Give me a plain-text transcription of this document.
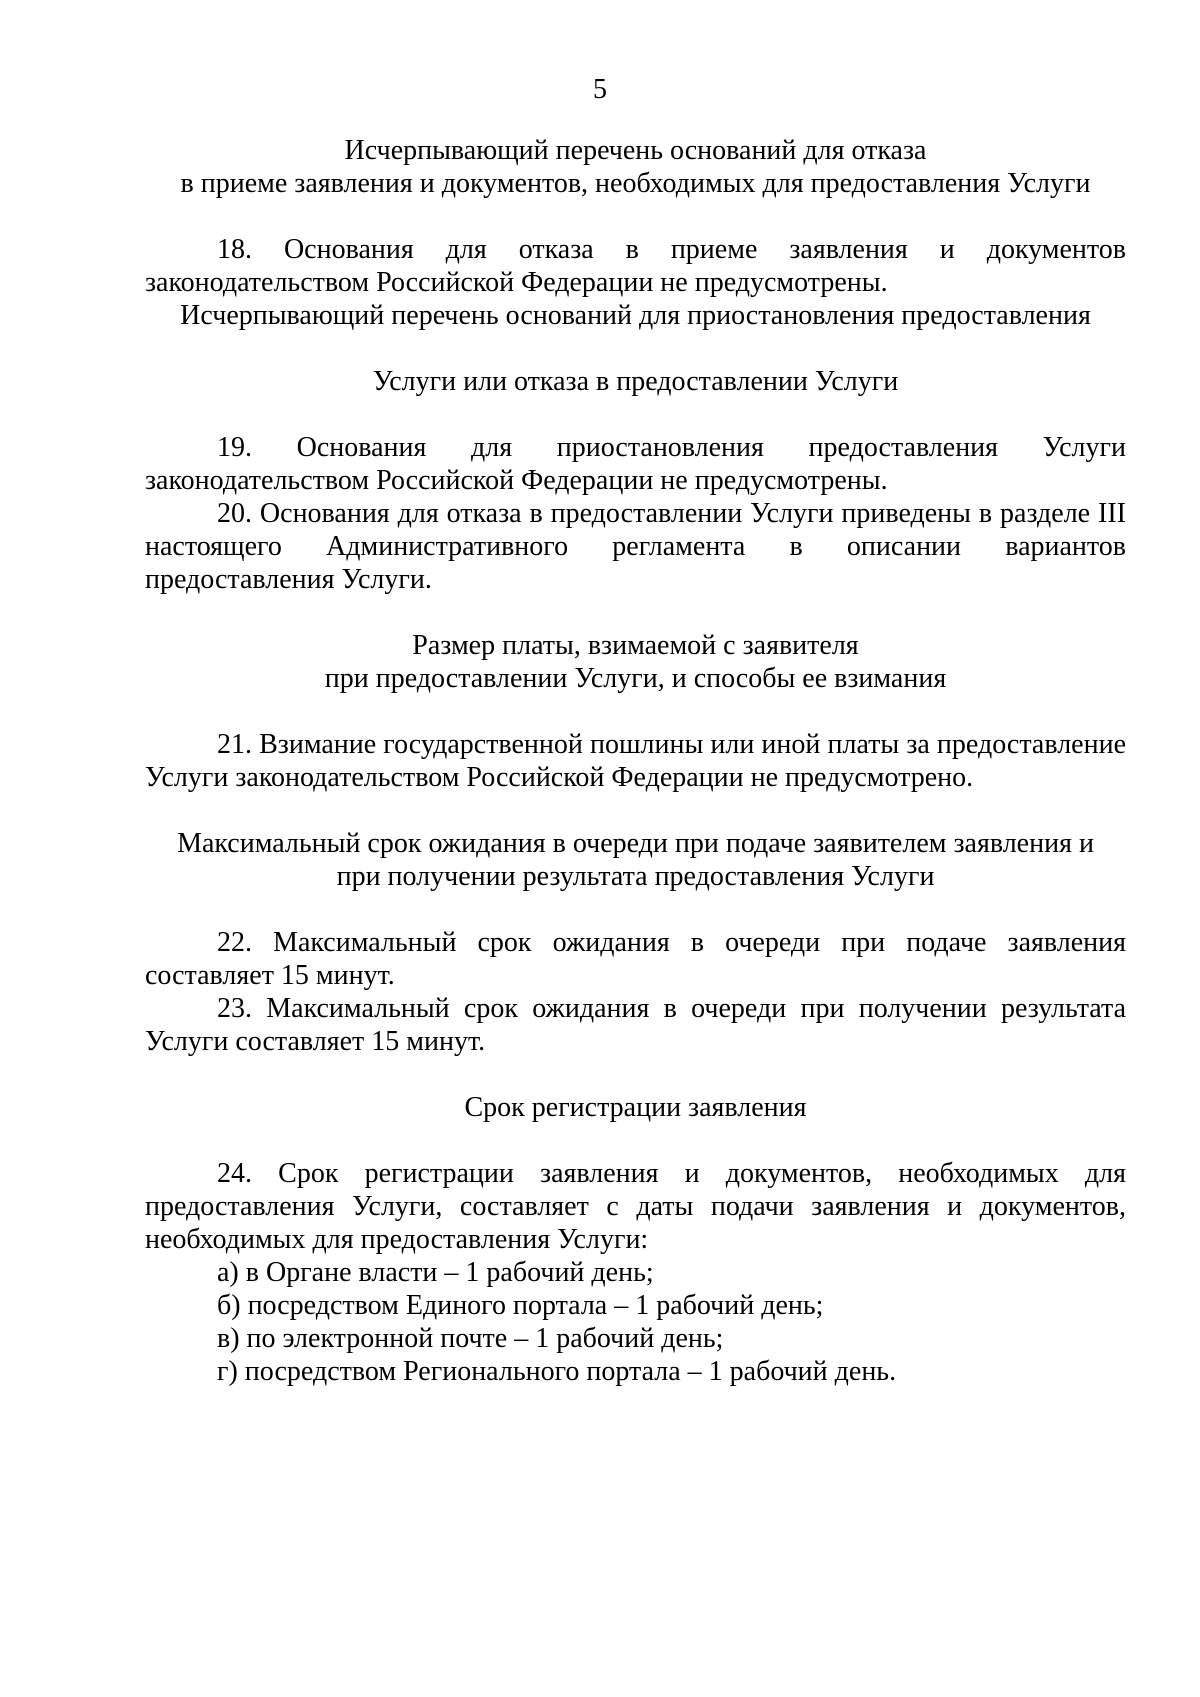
5
Исчерпывающий перечень оснований для отказа
в приеме заявления и документов, необходимых для предоставления Услуги

18. Основания для отказа в приеме заявления и документов законодательством Российской Федерации не предусмотрены.

Исчерпывающий перечень оснований для приостановления предоставления
Услуги или отказа в предоставлении Услуги

19. Основания для приостановления предоставления Услуги законодательством Российской Федерации не предусмотрены.

20. Основания для отказа в предоставлении Услуги приведены в разделе III настоящего Административного регламента в описании вариантов предоставления Услуги.

Размер платы, взимаемой с заявителя
при предоставлении Услуги, и способы ее взимания

21. Взимание государственной пошлины или иной платы за предоставление Услуги законодательством Российской Федерации не предусмотрено.

Максимальный срок ожидания в очереди при подаче заявителем заявления и
при получении результата предоставления Услуги

22. Максимальный срок ожидания в очереди при подаче заявления составляет 15 минут.

23. Максимальный срок ожидания в очереди при получении результата Услуги составляет 15 минут.

Срок регистрации заявления

24. Срок регистрации заявления и документов, необходимых для предоставления Услуги, составляет с даты подачи заявления и документов, необходимых для предоставления Услуги:

а) в Органе власти – 1 рабочий день;

б) посредством Единого портала – 1 рабочий день;

в) по электронной почте – 1 рабочий день;

г) посредством Регионального портала – 1 рабочий день.
